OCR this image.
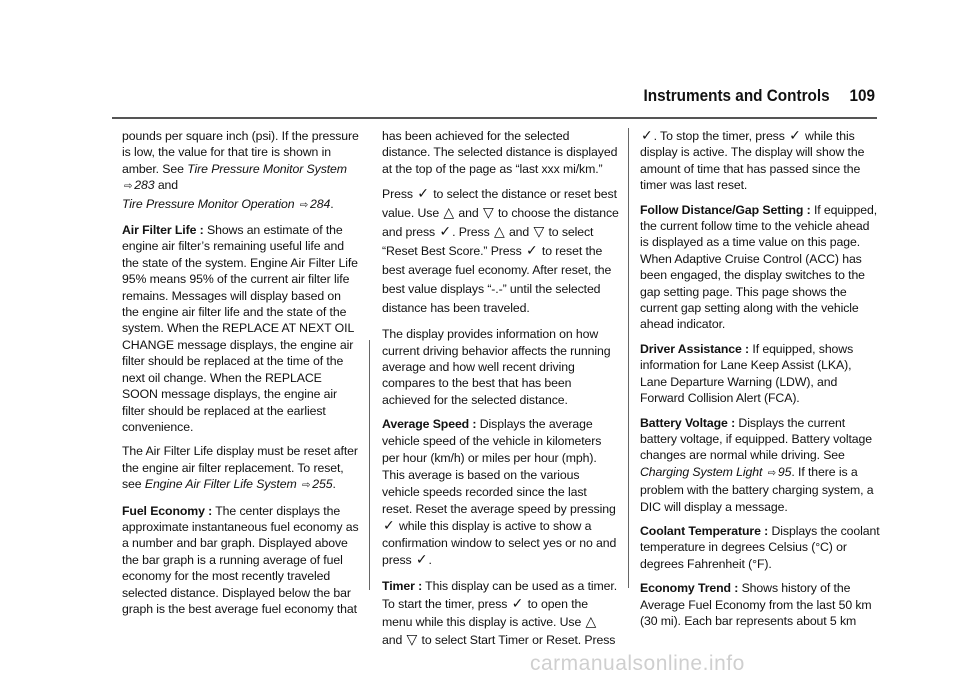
Instruments and Controls 109

pounds per square inch (psi). If the pressure is low, the value for that tire is shown in amber. See Tire Pressure Monitor System
⇨ 283 and
Tire Pressure Monitor Operation ⇨ 284.

Air Filter Life : Shows an estimate of the engine air filter’s remaining useful life and the state of the system. Engine Air Filter Life 95% means 95% of the current air filter life remains. Messages will display based on the engine air filter life and the state of the system. When the REPLACE AT NEXT OIL CHANGE message displays, the engine air filter should be replaced at the time of the next oil change. When the REPLACE SOON message displays, the engine air filter should be replaced at the earliest convenience.

The Air Filter Life display must be reset after the engine air filter replacement. To reset, see Engine Air Filter Life System ⇨ 255.

Fuel Economy : The center displays the approximate instantaneous fuel economy as a number and bar graph. Displayed above the bar graph is a running average of fuel economy for the most recently traveled selected distance. Displayed below the bar graph is the best average fuel economy that

has been achieved for the selected distance. The selected distance is displayed at the top of the page as “last xxx mi/km.”

Press ✓ to select the distance or reset best value. Use △ and ▽ to choose the distance and press ✓. Press △ and ▽ to select “Reset Best Score.” Press ✓ to reset the best average fuel economy. After reset, the best value displays “-.-” until the selected distance has been traveled.

The display provides information on how current driving behavior affects the running average and how well recent driving compares to the best that has been achieved for the selected distance.

Average Speed : Displays the average vehicle speed of the vehicle in kilometers per hour (km/h) or miles per hour (mph). This average is based on the various vehicle speeds recorded since the last reset. Reset the average speed by pressing ✓ while this display is active to show a confirmation window to select yes or no and press ✓.

Timer : This display can be used as a timer. To start the timer, press ✓ to open the menu while this display is active. Use △ and ▽ to select Start Timer or Reset. Press

✓. To stop the timer, press ✓ while this display is active. The display will show the amount of time that has passed since the timer was last reset.

Follow Distance/Gap Setting : If equipped, the current follow time to the vehicle ahead is displayed as a time value on this page. When Adaptive Cruise Control (ACC) has been engaged, the display switches to the gap setting page. This page shows the current gap setting along with the vehicle ahead indicator.

Driver Assistance : If equipped, shows information for Lane Keep Assist (LKA), Lane Departure Warning (LDW), and Forward Collision Alert (FCA).

Battery Voltage : Displays the current battery voltage, if equipped. Battery voltage changes are normal while driving. See Charging System Light ⇨ 95. If there is a problem with the battery charging system, a DIC will display a message.

Coolant Temperature : Displays the coolant temperature in degrees Celsius (°C) or degrees Fahrenheit (°F).

Economy Trend : Shows history of the Average Fuel Economy from the last 50 km (30 mi). Each bar represents about 5 km

carmanualsonline.info
